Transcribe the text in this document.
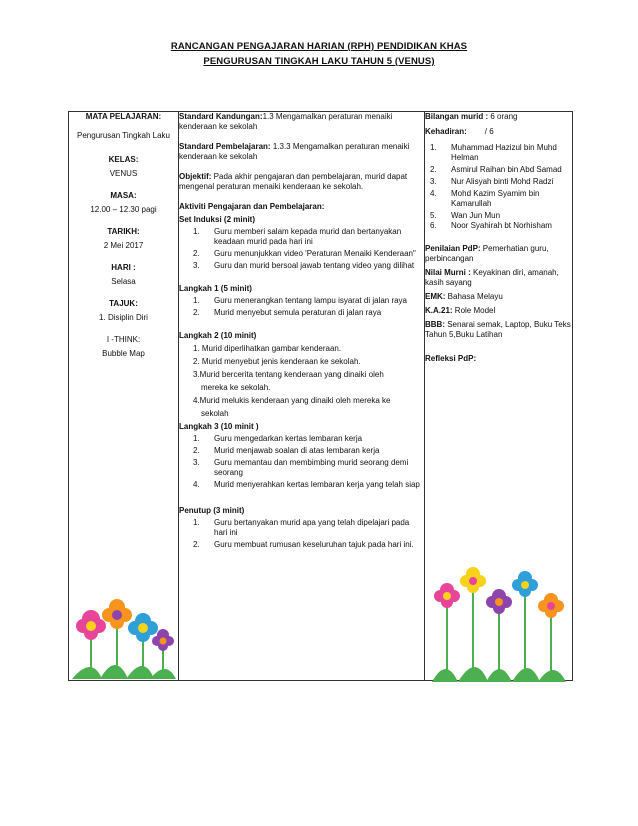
RANCANGAN PENGAJARAN HARIAN (RPH) PENDIDIKAN KHAS
PENGURUSAN TINGKAH LAKU TAHUN 5 (VENUS)
MATA PELAJARAN:
Pengurusan Tingkah Laku
KELAS:
VENUS
MASA:
12.00 – 12.30 pagi
TARIKH:
2 Mei 2017
HARI :
Selasa
TAJUK:
1. Disiplin Diri
I -THINK:
Bubble Map

Standard Kandungan:1.3 Mengamalkan peraturan menaiki kenderaan ke sekolah

Standard Pembelajaran: 1.3.3 Mengamalkan peraturan menaiki kenderaan ke sekolah

Objektif: Pada akhir pengajaran dan pembelajaran, murid dapat mengenal peraturan menaiki kenderaan ke sekolah.

Aktiviti Pengajaran dan Pembelajaran:

Set Induksi (2 minit)

1.	Guru memberi salam kepada murid dan bertanyakan keadaan murid pada hari ini
2.	Guru menunjukkan video 'Peraturan Menaiki Kenderaan"
3.	Guru dan murid bersoal jawab tentang video yang dilihat

Langkah 1 (5 minit)

1.	Guru menerangkan tentang lampu isyarat di jalan raya
2.	Murid menyebut semula peraturan di jalan raya

Langkah 2 (10 minit)

1. Murid diperlihatkan gambar kenderaan.

2. Murid menyebut jenis kenderaan ke sekolah.

3.Murid bercerita tentang kenderaan yang dinaiki oleh

mereka ke sekolah.

4.Murid melukis kenderaan yang dinaiki oleh mereka ke

sekolah

Langkah 3 (10 minit )

1.	Guru mengedarkan kertas lembaran kerja
2.	Murid menjawab soalan di atas lembaran kerja
3.	Guru memantau dan membimbing murid seorang demi seorang
4.	Murid menyerahkan kertas lembaran kerja yang telah siap

Penutup (3 minit)

1.	Guru bertanyakan murid apa yang telah dipelajari pada hari ini
2.	Guru membuat rumusan keseluruhan tajuk pada hari ini.

Bilangan murid : 6 orang

Kehadiran: / 6

1.	Muhammad Hazizul bin Muhd Helman
2.	Asmirul Raihan bin Abd Samad
3.	Nur Alisyah binti Mohd Radzi
4.	Mohd Kazim Syamim bin Kamarullah
5.	Wan Jun Mun
6.	Noor Syahirah bt Norhisham

Penilaian PdP: Pemerhatian guru, perbincangan

Nilai Murni : Keyakinan diri, amanah, kasih sayang

EMK: Bahasa Melayu

K.A.21: Role Model

BBB: Senarai semak, Laptop, Buku Teks Tahun 5,Buku Latihan

Refleksi PdP:
